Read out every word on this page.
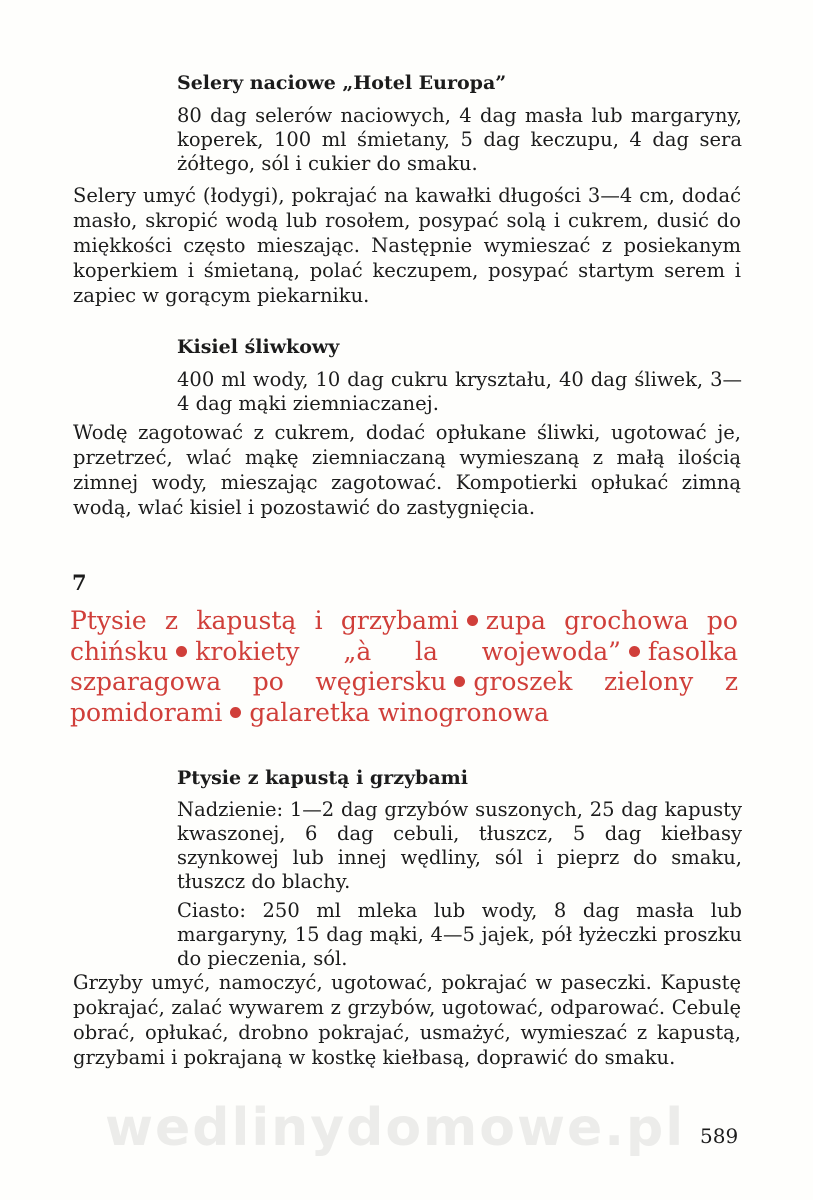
Selery naciowe „Hotel Europa”
80 dag selerów naciowych, 4 dag masła lub margaryny, koperek, 100 ml śmietany, 5 dag keczupu, 4 dag sera żółtego, sól i cukier do smaku.
Selery umyć (łodygi), pokrajać na kawałki długości 3—4 cm, dodać masło, skropić wodą lub rosołem, posypać solą i cukrem, dusić do miękkości często mieszając. Następnie wymieszać z posiekanym koperkiem i śmietaną, polać keczupem, posypać startym serem i zapiec w gorącym piekarniku.
Kisiel śliwkowy
400 ml wody, 10 dag cukru kryształu, 40 dag śliwek, 3—4 dag mąki ziemniaczanej.
Wodę zagotować z cukrem, dodać opłukane śliwki, ugotować je, przetrzeć, wlać mąkę ziemniaczaną wymieszaną z małą ilością zimnej wody, mieszając zagotować. Kompotierki opłukać zimną wodą, wlać kisiel i pozostawić do zastygnięcia.
7
Ptysie z kapustą i grzybami zupa grochowa po chińsku krokiety „à la wojewoda” fasolka szparagowa po węgiersku groszek zielony z pomidorami galaretka winogronowa
Ptysie z kapustą i grzybami
Nadzienie: 1—2 dag grzybów suszonych, 25 dag kapusty kwaszonej, 6 dag cebuli, tłuszcz, 5 dag kiełbasy szynkowej lub innej wędliny, sól i pieprz do smaku, tłuszcz do blachy.
Ciasto: 250 ml mleka lub wody, 8 dag masła lub margaryny, 15 dag mąki, 4—5 jajek, pół łyżeczki proszku do pieczenia, sól.
Grzyby umyć, namoczyć, ugotować, pokrajać w paseczki. Kapustę pokrajać, zalać wywarem z grzybów, ugotować, odparować. Cebulę obrać, opłukać, drobno pokrajać, usmażyć, wymieszać z kapustą, grzybami i pokrajaną w kostkę kiełbasą, doprawić do smaku.
wedlinydomowe.pl 589
